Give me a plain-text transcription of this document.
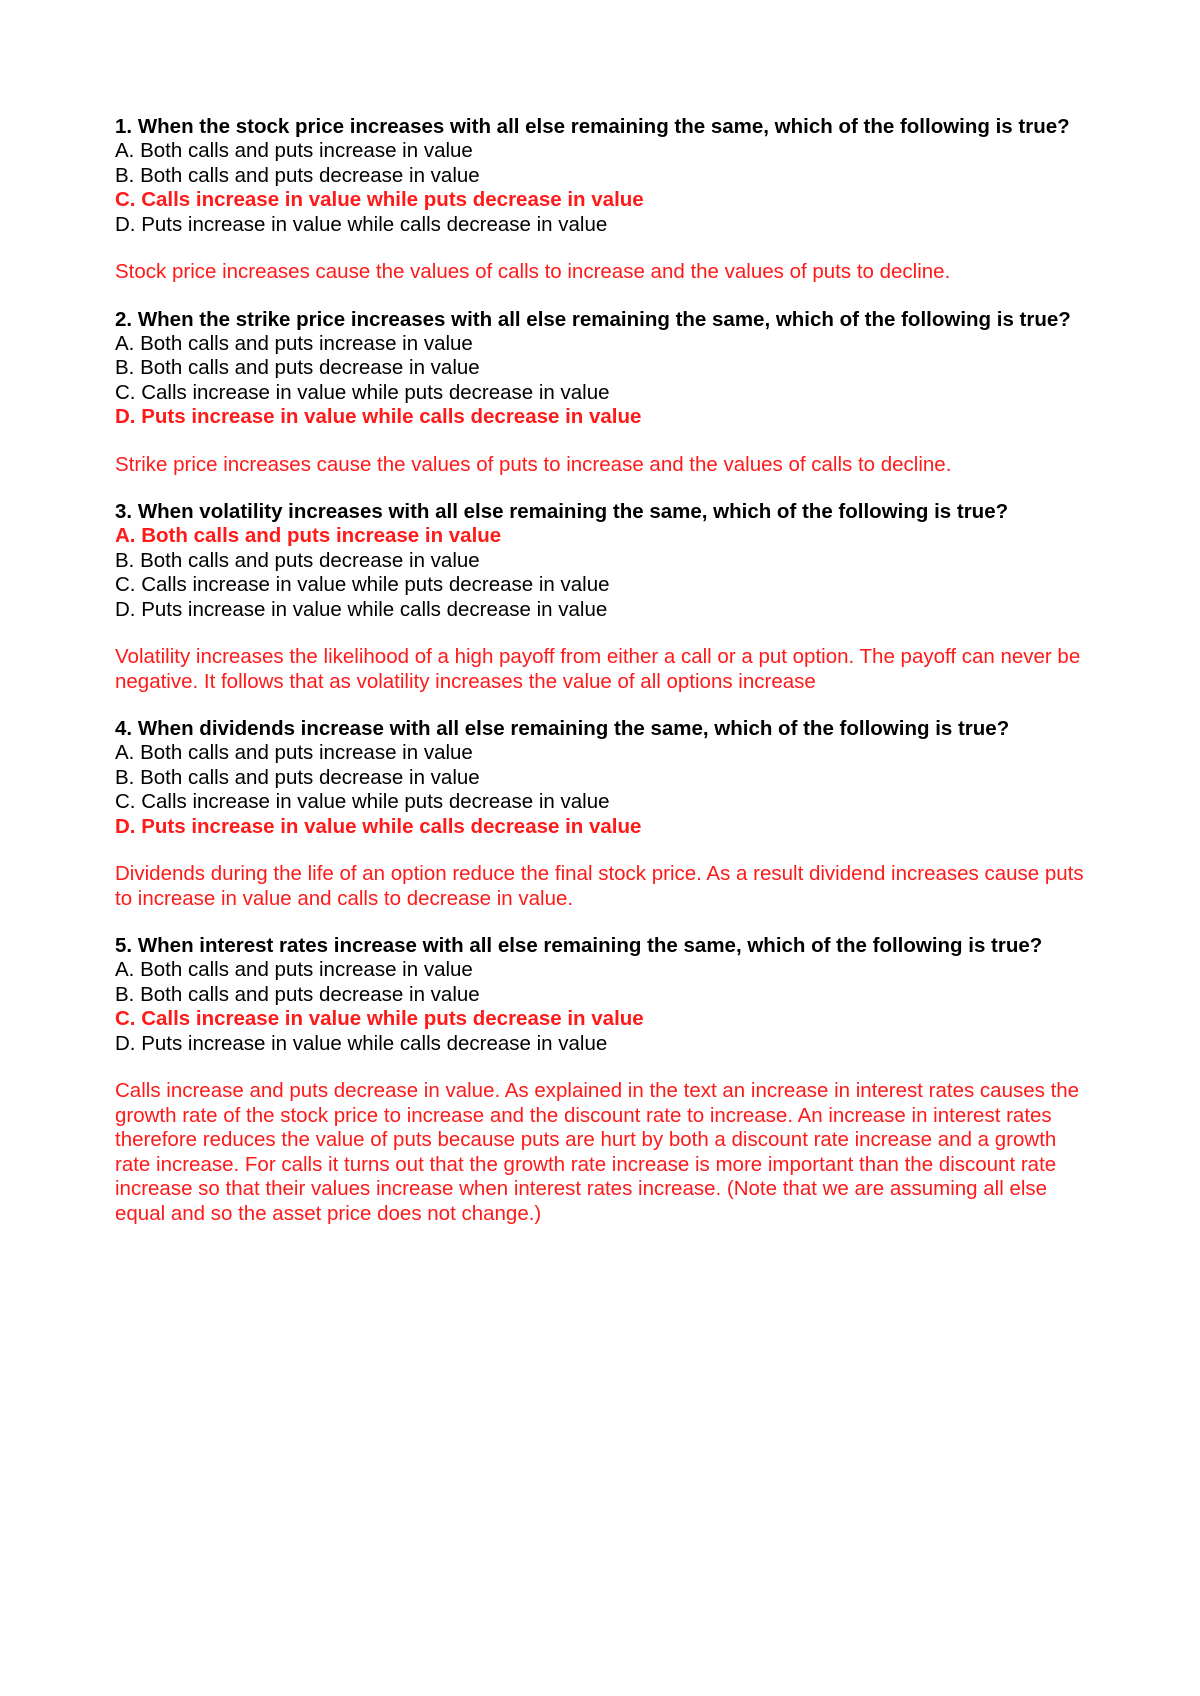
1. When the stock price increases with all else remaining the same, which of the following is true?

A. Both calls and puts increase in value
B. Both calls and puts decrease in value
C. Calls increase in value while puts decrease in value
D. Puts increase in value while calls decrease in value

Stock price increases cause the values of calls to increase and the values of puts to decline.

2. When the strike price increases with all else remaining the same, which of the following is true?

A. Both calls and puts increase in value
B. Both calls and puts decrease in value
C. Calls increase in value while puts decrease in value
D. Puts increase in value while calls decrease in value

Strike price increases cause the values of puts to increase and the values of calls to decline.

3. When volatility increases with all else remaining the same, which of the following is true?

A. Both calls and puts increase in value
B. Both calls and puts decrease in value
C. Calls increase in value while puts decrease in value
D. Puts increase in value while calls decrease in value

Volatility increases the likelihood of a high payoff from either a call or a put option. The payoff can never be negative. It follows that as volatility increases the value of all options increase

4. When dividends increase with all else remaining the same, which of the following is true?

A. Both calls and puts increase in value
B. Both calls and puts decrease in value
C. Calls increase in value while puts decrease in value
D. Puts increase in value while calls decrease in value

Dividends during the life of an option reduce the final stock price. As a result dividend increases cause puts to increase in value and calls to decrease in value.

5. When interest rates increase with all else remaining the same, which of the following is true?

A. Both calls and puts increase in value
B. Both calls and puts decrease in value
C. Calls increase in value while puts decrease in value
D. Puts increase in value while calls decrease in value

Calls increase and puts decrease in value. As explained in the text an increase in interest rates causes the growth rate of the stock price to increase and the discount rate to increase. An increase in interest rates therefore reduces the value of puts because puts are hurt by both a discount rate increase and a growth rate increase. For calls it turns out that the growth rate increase is more important than the discount rate increase so that their values increase when interest rates increase. (Note that we are assuming all else equal and so the asset price does not change.)
